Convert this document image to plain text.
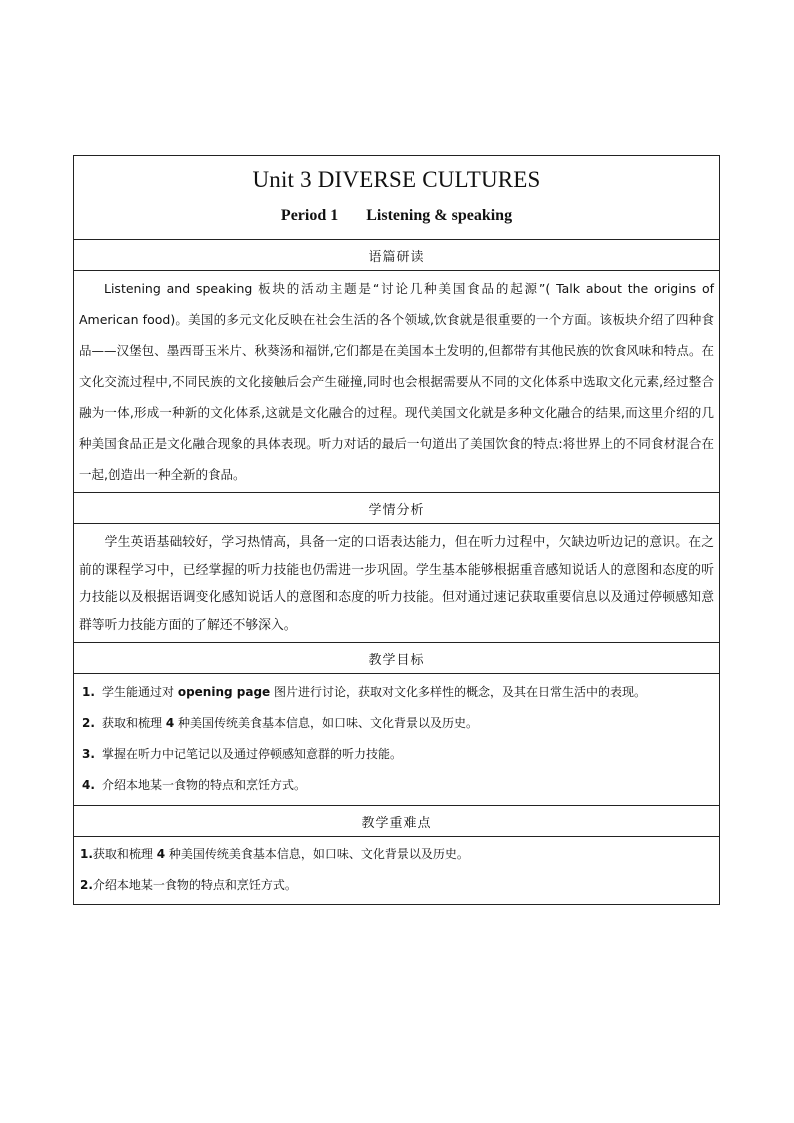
Unit 3 DIVERSE CULTURES
Period 1 Listening & speaking

语篇研读

Listening and speaking 板块的活动主题是“讨论几种美国食品的起源”( Talk about the origins of American food)。美国的多元文化反映在社会生活的各个领域,饮食就是很重要的一个方面。该板块介绍了四种食品——汉堡包、墨西哥玉米片、秋葵汤和福饼,它们都是在美国本土发明的,但都带有其他民族的饮食风味和特点。在文化交流过程中,不同民族的文化接触后会产生碰撞,同时也会根据需要从不同的文化体系中选取文化元素,经过整合融为一体,形成一种新的文化体系,这就是文化融合的过程。现代美国文化就是多种文化融合的结果,而这里介绍的几种美国食品正是文化融合现象的具体表现。听力对话的最后一句道出了美国饮食的特点:将世界上的不同食材混合在一起,创造出一种全新的食品。

学情分析

学生英语基础较好，学习热情高，具备一定的口语表达能力，但在听力过程中，欠缺边听边记的意识。在之前的课程学习中，已经掌握的听力技能也仍需进一步巩固。学生基本能够根据重音感知说话人的意图和态度的听力技能以及根据语调变化感知说话人的意图和态度的听力技能。但对通过速记获取重要信息以及通过停顿感知意群等听力技能方面的了解还不够深入。

教学目标

1. 学生能通过对 opening page 图片进行讨论，获取对文化多样性的概念，及其在日常生活中的表现。
2. 获取和梳理 4 种美国传统美食基本信息，如口味、文化背景以及历史。
3. 掌握在听力中记笔记以及通过停顿感知意群的听力技能。
4. 介绍本地某一食物的特点和烹饪方式。

教学重难点

1.获取和梳理 4 种美国传统美食基本信息，如口味、文化背景以及历史。
2.介绍本地某一食物的特点和烹饪方式。
